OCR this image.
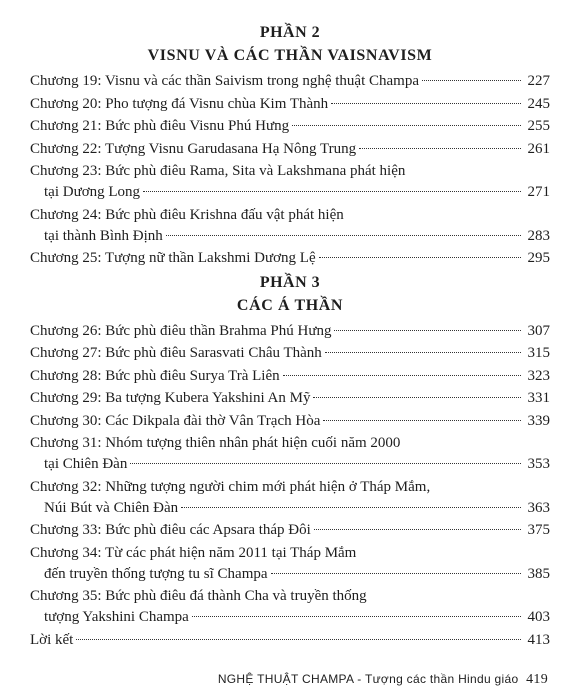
PHẦN 2
VISNU VÀ CÁC THẦN VAISNAVISM
Chương 19: Visnu và các thần Saivism trong nghệ thuật Champa	227
Chương 20: Pho tượng đá Visnu chùa Kim Thành	245
Chương 21: Bức phù điêu Visnu Phú Hưng	255
Chương 22: Tượng Visnu Garudasana Hạ Nông Trung	261
Chương 23: Bức phù điêu Rama, Sita và Lakshmana phát hiện
tại Dương Long	271
Chương 24: Bức phù điêu Krishna đấu vật phát hiện
tại thành Bình Định	283
Chương 25: Tượng nữ thần Lakshmi Dương Lệ	295
PHẦN 3
CÁC Á THẦN
Chương 26: Bức phù điêu thần Brahma Phú Hưng	307
Chương 27: Bức phù điêu Sarasvati Châu Thành	315
Chương 28: Bức phù điêu Surya Trà Liên	323
Chương 29: Ba tượng Kubera Yakshini An Mỹ	331
Chương 30: Các Dikpala đài thờ Vân Trạch Hòa	339
Chương 31: Nhóm tượng thiên nhân phát hiện cuối năm 2000
tại Chiên Đàn	353
Chương 32: Những tượng người chim mới phát hiện ở Tháp Mắm,
Núi Bút và Chiên Đàn	363
Chương 33: Bức phù điêu các Apsara tháp Đôi	375
Chương 34: Từ các phát hiện năm 2011 tại Tháp Mắm
đến truyền thống tượng tu sĩ Champa	385
Chương 35: Bức phù điêu đá thành Cha và truyền thống
tượng Yakshini Champa	403
Lời kết	413
NGHỆ THUẬT CHAMPA - Tượng các thần Hindu giáo 419
